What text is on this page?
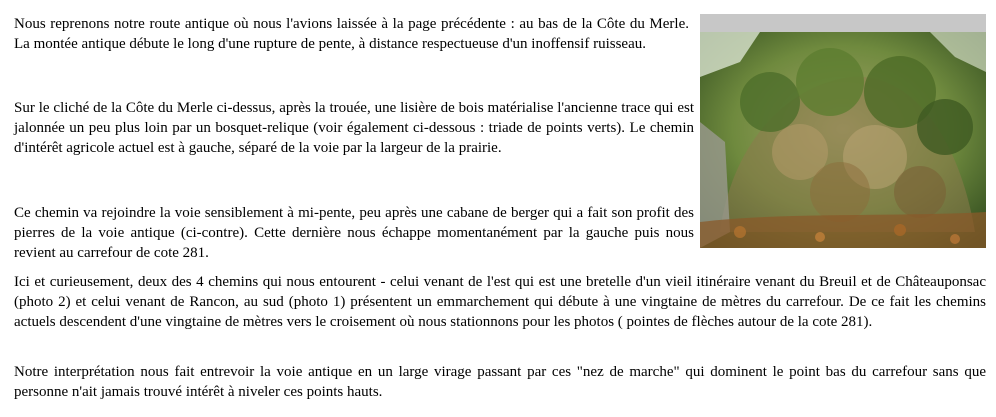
Nous reprenons notre route antique où nous l'avions laissée à la page précédente : au bas de la Côte du Merle. La montée antique débute le long d'une rupture de pente, à distance respectueuse d'un inoffensif ruisseau.

Sur le cliché de la Côte du Merle ci-dessus, après la trouée, une lisière de bois matérialise l'ancienne trace qui est jalonnée un peu plus loin par un bosquet-relique (voir également ci-dessous : triade de points verts). Le chemin d'intérêt agricole actuel est à gauche, séparé de la voie par la largeur de la prairie.

Ce chemin va rejoindre la voie sensiblement à mi-pente, peu après une cabane de berger qui a fait son profit des pierres de la voie antique (ci-contre). Cette dernière nous échappe momentanément par la gauche puis nous revient au carrefour de cote 281.

Ici et curieusement, deux des 4 chemins qui nous entourent - celui venant de l'est qui est une bretelle d'un vieil itinéraire venant du Breuil et de Châteauponsac (photo 2) et celui venant de Rancon, au sud (photo 1) présentent un emmarchement qui débute à une vingtaine de mètres du carrefour. De ce fait les chemins actuels descendent d'une vingtaine de mètres vers le croisement où nous stationnons pour les photos ( pointes de flèches autour de la cote 281).

Notre interprétation nous fait entrevoir la voie antique en un large virage passant par ces "nez de marche" qui dominent le point bas du carrefour sans que personne n'ait jamais trouvé intérêt à niveler ces points hauts.
